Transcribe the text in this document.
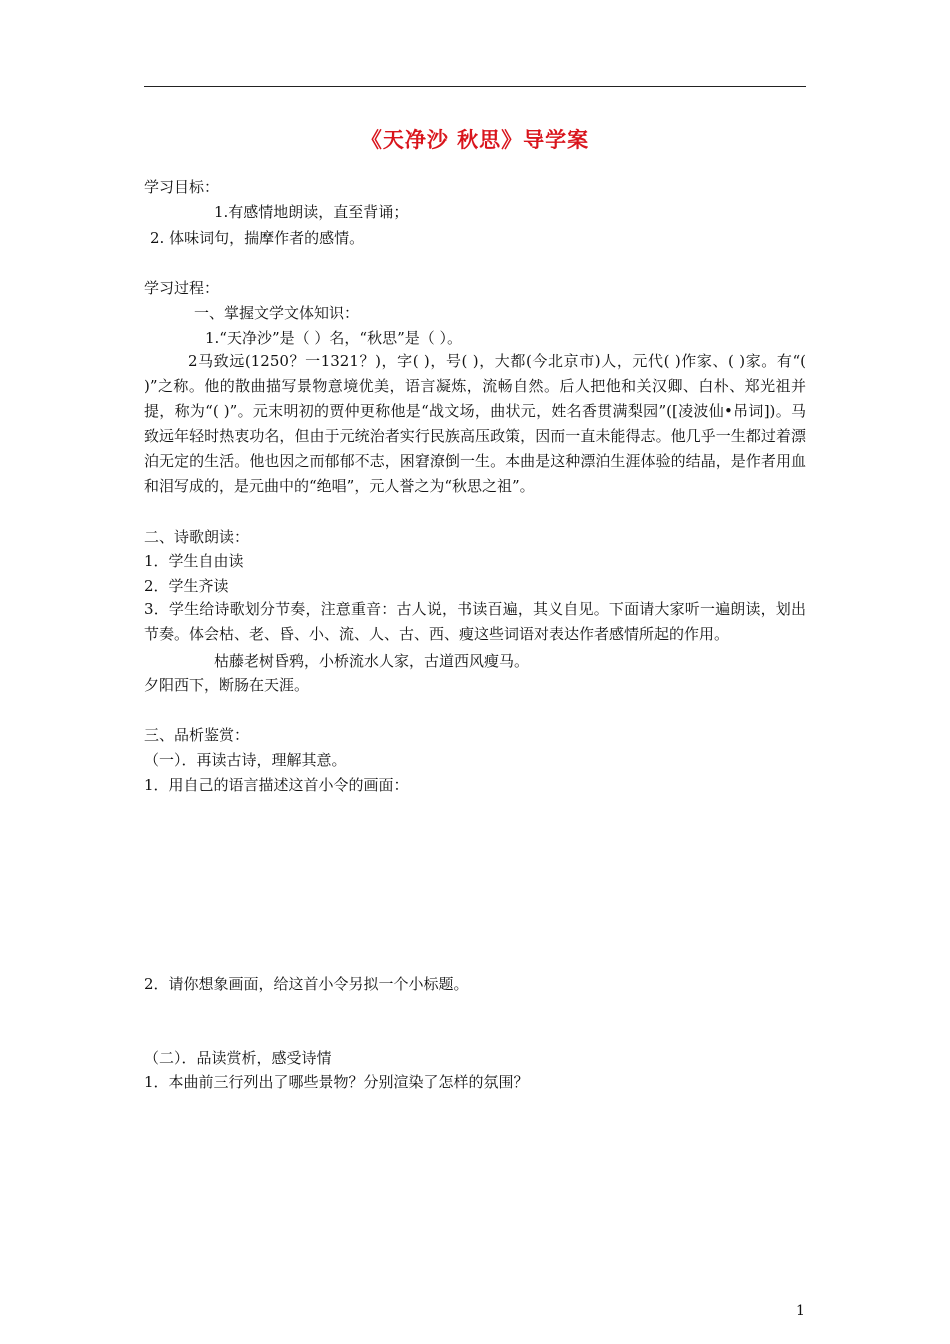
《天净沙 秋思》导学案
学习目标：
1.有感情地朗读，直至背诵；
2. 体味词句，揣摩作者的感情。
学习过程：
一、掌握文学文体知识：
1.“天净沙”是（ ）名，“秋思”是（ ）。
2马致远(1250？一1321？)，字( )，号( )，大都(今北京市)人，元代( )作家、( )家。有“( )”之称。他的散曲描写景物意境优美，语言凝炼，流畅自然。后人把他和关汉卿、白朴、郑光祖并提，称为“( )”。元末明初的贾仲更称他是“战文场，曲状元，姓名香贯满梨园”([凌波仙•吊词])。马致远年轻时热衷功名，但由于元统治者实行民族高压政策，因而一直未能得志。他几乎一生都过着漂泊无定的生活。他也因之而郁郁不志，困窘潦倒一生。本曲是这种漂泊生涯体验的结晶，是作者用血和泪写成的，是元曲中的“绝唱”，元人誉之为“秋思之祖”。
二、诗歌朗读：
1．学生自由读
2．学生齐读
3．学生给诗歌划分节奏，注意重音：古人说，书读百遍，其义自见。下面请大家听一遍朗读，划出节奏。体会枯、老、昏、小、流、人、古、西、瘦这些词语对表达作者感情所起的作用。
枯藤老树昏鸦，小桥流水人家，古道西风瘦马。
夕阳西下，断肠在天涯。
三、品析鉴赏：
（一）．再读古诗，理解其意。
1．用自己的语言描述这首小令的画面：
2．请你想象画面，给这首小令另拟一个小标题。
（二）．品读赏析，感受诗情
1．本曲前三行列出了哪些景物？分别渲染了怎样的氛围？
1
